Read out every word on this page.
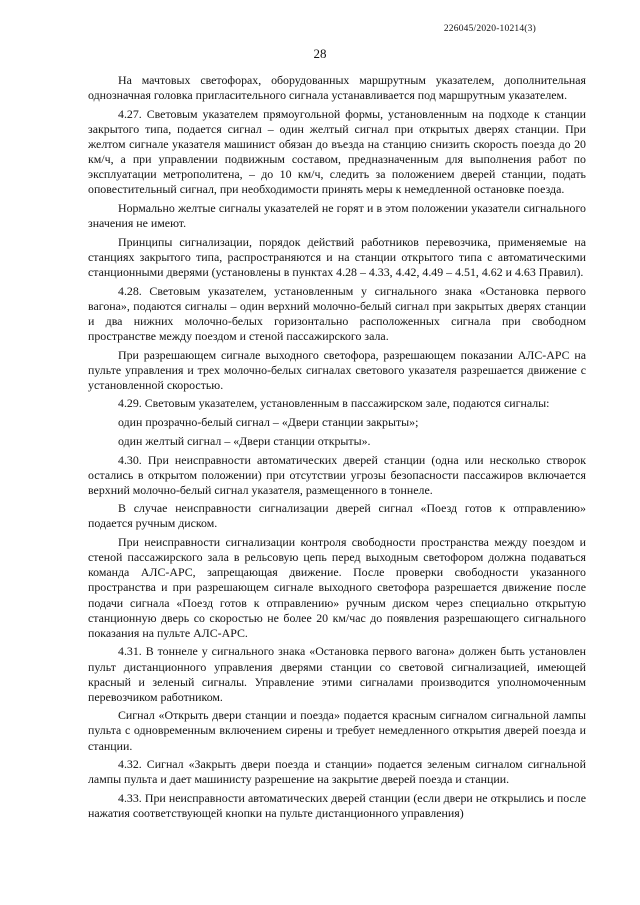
226045/2020-10214(3)
28

На мачтовых светофорах, оборудованных маршрутным указателем, дополнительная однозначная головка пригласительного сигнала устанавливается под маршрутным указателем.

4.27. Световым указателем прямоугольной формы, установленным на подходе к станции закрытого типа, подается сигнал – один желтый сигнал при открытых дверях станции. При желтом сигнале указателя машинист обязан до въезда на станцию снизить скорость поезда до 20 км/ч, а при управлении подвижным составом, предназначенным для выполнения работ по эксплуатации метрополитена, – до 10 км/ч, следить за положением дверей станции, подать оповестительный сигнал, при необходимости принять меры к немедленной остановке поезда.

Нормально желтые сигналы указателей не горят и в этом положении указатели сигнального значения не имеют.

Принципы сигнализации, порядок действий работников перевозчика, применяемые на станциях закрытого типа, распространяются и на станции открытого типа с автоматическими станционными дверями (установлены в пунктах 4.28 – 4.33, 4.42, 4.49 – 4.51, 4.62 и 4.63 Правил).

4.28. Световым указателем, установленным у сигнального знака «Остановка первого вагона», подаются сигналы – один верхний молочно-белый сигнал при закрытых дверях станции и два нижних молочно-белых горизонтально расположенных сигнала при свободном пространстве между поездом и стеной пассажирского зала.

При разрешающем сигнале выходного светофора, разрешающем показании АЛС-АРС на пульте управления и трех молочно-белых сигналах светового указателя разрешается движение с установленной скоростью.

4.29. Световым указателем, установленным в пассажирском зале, подаются сигналы:

один прозрачно-белый сигнал – «Двери станции закрыты»;

один желтый сигнал – «Двери станции открыты».

4.30. При неисправности автоматических дверей станции (одна или несколько створок остались в открытом положении) при отсутствии угрозы безопасности пассажиров включается верхний молочно-белый сигнал указателя, размещенного в тоннеле.

В случае неисправности сигнализации дверей сигнал «Поезд готов к отправлению» подается ручным диском.

При неисправности сигнализации контроля свободности пространства между поездом и стеной пассажирского зала в рельсовую цепь перед выходным светофором должна подаваться команда АЛС-АРС, запрещающая движение. После проверки свободности указанного пространства и при разрешающем сигнале выходного светофора разрешается движение после подачи сигнала «Поезд готов к отправлению» ручным диском через специально открытую станционную дверь со скоростью не более 20 км/час до появления разрешающего сигнального показания на пульте АЛС-АРС.

4.31. В тоннеле у сигнального знака «Остановка первого вагона» должен быть установлен пульт дистанционного управления дверями станции со световой сигнализацией, имеющей красный и зеленый сигналы. Управление этими сигналами производится уполномоченным перевозчиком работником.

Сигнал «Открыть двери станции и поезда» подается красным сигналом сигнальной лампы пульта с одновременным включением сирены и требует немедленного открытия дверей поезда и станции.

4.32. Сигнал «Закрыть двери поезда и станции» подается зеленым сигналом сигнальной лампы пульта и дает машинисту разрешение на закрытие дверей поезда и станции.

4.33. При неисправности автоматических дверей станции (если двери не открылись и после нажатия соответствующей кнопки на пульте дистанционного управления)
